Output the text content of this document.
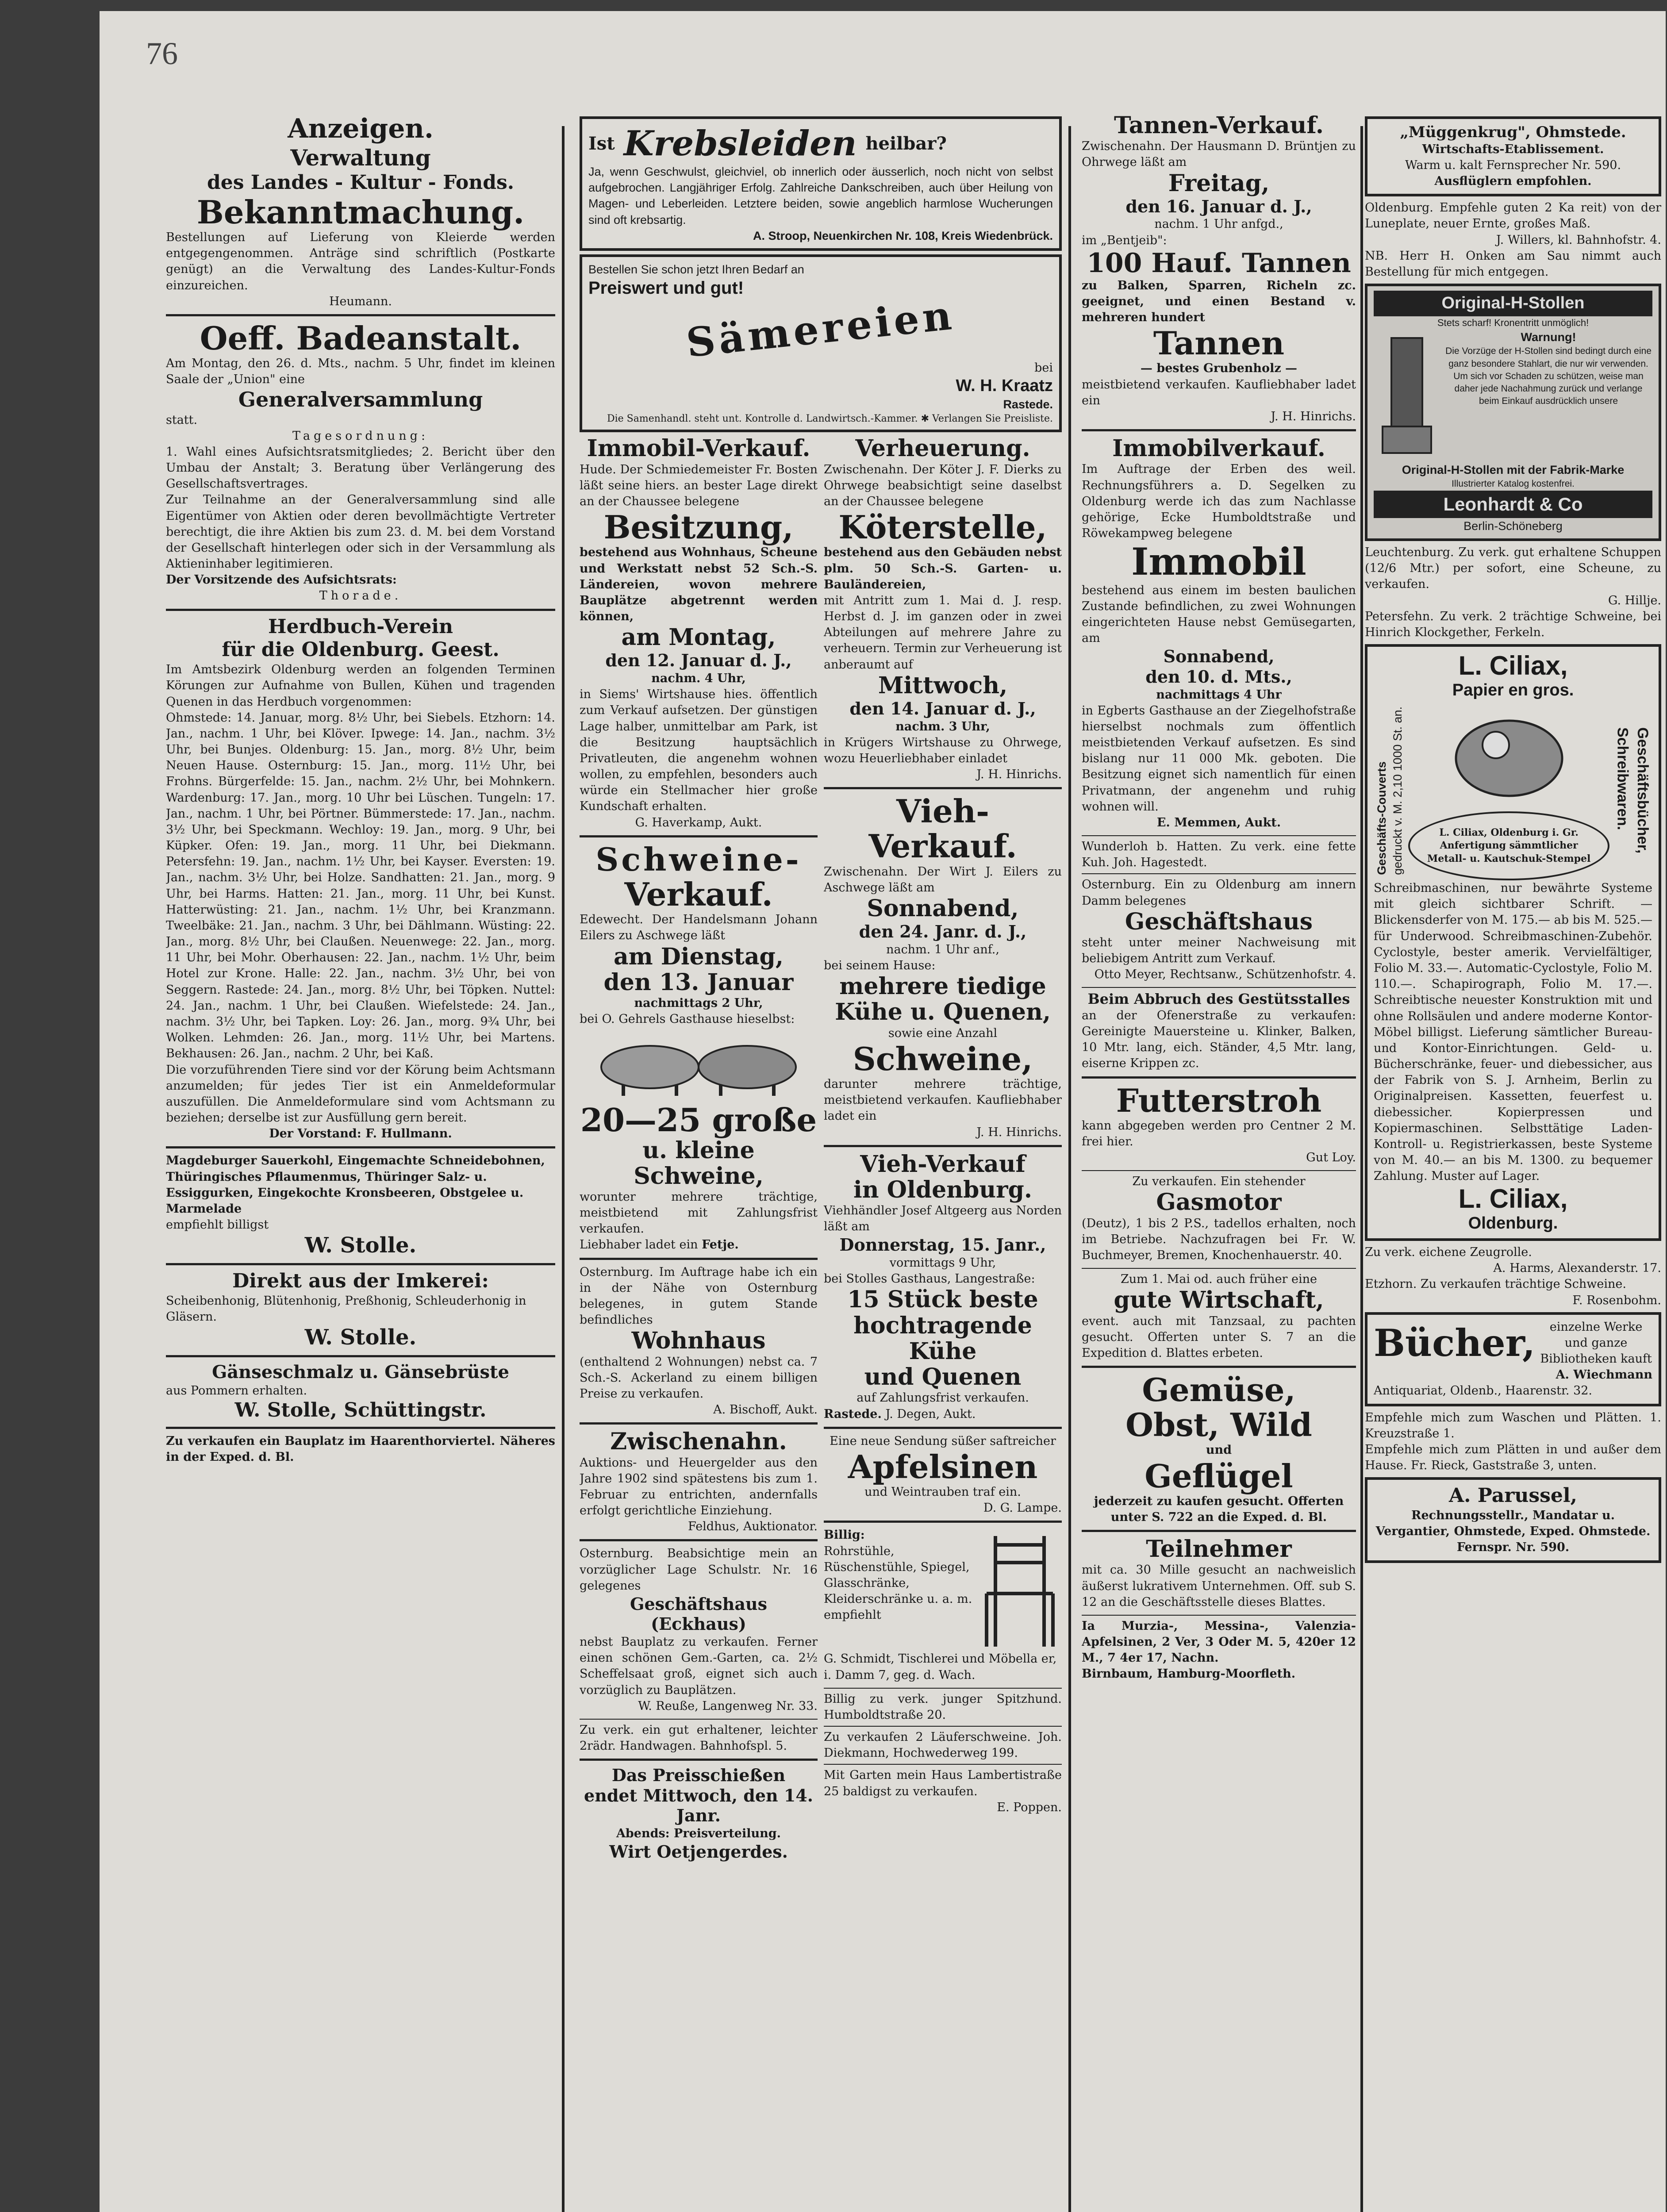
76

Anzeigen.

Verwaltung

des Landes - Kultur - Fonds.

Bekanntmachung.

Bestellungen auf Lieferung von Kleierde werden entgegengenommen. Anträge sind schriftlich (Postkarte genügt) an die Verwaltung des Landes-Kultur-Fonds einzureichen.

Heumann.

Oeff. Badeanstalt.

Am Montag, den 26. d. Mts., nachm. 5 Uhr, findet im kleinen Saale der „Union" eine

Generalversammlung

statt.

Tagesordnung:

1. Wahl eines Aufsichtsratsmitgliedes; 2. Bericht über den Umbau der Anstalt; 3. Beratung über Verlängerung des Gesellschaftsvertrages.

Zur Teilnahme an der Generalversammlung sind alle Eigentümer von Aktien oder deren bevollmächtigte Vertreter berechtigt, die ihre Aktien bis zum 23. d. M. bei dem Vorstand der Gesellschaft hinterlegen oder sich in der Versammlung als Aktieninhaber legitimieren.

Der Vorsitzende des Aufsichtsrats:

Thorade.

Herdbuch-Verein

für die Oldenburg. Geest.

Im Amtsbezirk Oldenburg werden an folgenden Terminen Körungen zur Aufnahme von Bullen, Kühen und tragenden Quenen in das Herdbuch vorgenommen:

Ohmstede: 14. Januar, morg. 8½ Uhr, bei Siebels. Etzhorn: 14. Jan., nachm. 1 Uhr, bei Klöver. Ipwege: 14. Jan., nachm. 3½ Uhr, bei Bunjes. Oldenburg: 15. Jan., morg. 8½ Uhr, beim Neuen Hause. Osternburg: 15. Jan., morg. 11½ Uhr, bei Frohns. Bürgerfelde: 15. Jan., nachm. 2½ Uhr, bei Mohnkern. Wardenburg: 17. Jan., morg. 10 Uhr bei Lüschen. Tungeln: 17. Jan., nachm. 1 Uhr, bei Pörtner. Bümmerstede: 17. Jan., nachm. 3½ Uhr, bei Speckmann. Wechloy: 19. Jan., morg. 9 Uhr, bei Küpker. Ofen: 19. Jan., morg. 11 Uhr, bei Diekmann. Petersfehn: 19. Jan., nachm. 1½ Uhr, bei Kayser. Eversten: 19. Jan., nachm. 3½ Uhr, bei Holze. Sandhatten: 21. Jan., morg. 9 Uhr, bei Harms. Hatten: 21. Jan., morg. 11 Uhr, bei Kunst. Hatterwüsting: 21. Jan., nachm. 1½ Uhr, bei Kranzmann. Tweelbäke: 21. Jan., nachm. 3 Uhr, bei Dählmann. Wüsting: 22. Jan., morg. 8½ Uhr, bei Claußen. Neuenwege: 22. Jan., morg. 11 Uhr, bei Mohr. Oberhausen: 22. Jan., nachm. 1½ Uhr, beim Hotel zur Krone. Halle: 22. Jan., nachm. 3½ Uhr, bei von Seggern. Rastede: 24. Jan., morg. 8½ Uhr, bei Töpken. Nuttel: 24. Jan., nachm. 1 Uhr, bei Claußen. Wiefelstede: 24. Jan., nachm. 3½ Uhr, bei Tapken. Loy: 26. Jan., morg. 9¾ Uhr, bei Wolken. Lehmden: 26. Jan., morg. 11½ Uhr, bei Martens. Bekhausen: 26. Jan., nachm. 2 Uhr, bei Kaß.

Die vorzuführenden Tiere sind vor der Körung beim Achtsmann anzumelden; für jedes Tier ist ein Anmeldeformular auszufüllen. Die Anmeldeformulare sind vom Achtsmann zu beziehen; derselbe ist zur Ausfüllung gern bereit.

Der Vorstand: F. Hullmann.

Magdeburger Sauerkohl, Eingemachte Schneidebohnen, Thüringisches Pflaumenmus, Thüringer Salz- u. Essiggurken, Eingekochte Kronsbeeren, Obstgelee u. Marmelade

empfiehlt billigst

W. Stolle.

Direkt aus der Imkerei:

Scheibenhonig, Blütenhonig, Preßhonig, Schleuderhonig in Gläsern.

W. Stolle.

Gänseschmalz u. Gänsebrüste

aus Pommern erhalten.

W. Stolle, Schüttingstr.

Zu verkaufen ein Bauplatz im Haarenthorviertel. Näheres in der Exped. d. Bl.

Ist Krebsleiden heilbar?

Ja, wenn Geschwulst, gleichviel, ob innerlich oder äusserlich, noch nicht von selbst aufgebrochen. Langjähriger Erfolg. Zahlreiche Dankschreiben, auch über Heilung von Magen- und Leberleiden. Letztere beiden, sowie angeblich harmlose Wucherungen sind oft krebsartig.

A. Stroop, Neuenkirchen Nr. 108, Kreis Wiedenbrück.

Bestellen Sie schon jetzt Ihren Bedarf an

Preiswert und gut!

Sämereien

bei

W. H. Kraatz

Rastede.

Die Samenhandl. steht unt. Kontrolle d. Landwirtsch.-Kammer. ✱ Verlangen Sie Preisliste.

Immobil-Verkauf.

Hude. Der Schmiedemeister Fr. Bosten läßt seine hiers. an bester Lage direkt an der Chaussee belegene

Besitzung,

bestehend aus Wohnhaus, Scheune und Werkstatt nebst 52 Sch.-S. Ländereien, wovon mehrere Bauplätze abgetrennt werden können,

am Montag,

den 12. Januar d. J.,

nachm. 4 Uhr,

in Siems' Wirtshause hies. öffentlich zum Verkauf aufsetzen. Der günstigen Lage halber, unmittelbar am Park, ist die Besitzung hauptsächlich Privatleuten, die angenehm wohnen wollen, zu empfehlen, besonders auch würde ein Stellmacher hier große Kundschaft erhalten.

G. Haverkamp, Aukt.

Schweine-

Verkauf.

Edewecht. Der Handelsmann Johann Eilers zu Aschwege läßt

am Dienstag,

den 13. Januar

nachmittags 2 Uhr,

bei O. Gehrels Gasthause hieselbst:

20—25 große

u. kleine Schweine,

worunter mehrere trächtige, meistbietend mit Zahlungsfrist verkaufen.

Liebhaber ladet ein Fetje.

Osternburg. Im Auftrage habe ich ein in der Nähe von Osternburg belegenes, in gutem Stande befindliches

Wohnhaus

(enthaltend 2 Wohnungen) nebst ca. 7 Sch.-S. Ackerland zu einem billigen Preise zu verkaufen.

A. Bischoff, Aukt.

Zwischenahn.

Auktions- und Heuergelder aus den Jahre 1902 sind spätestens bis zum 1. Februar zu entrichten, andernfalls erfolgt gerichtliche Einziehung.

Feldhus, Auktionator.

Osternburg. Beabsichtige mein an vorzüglicher Lage Schulstr. Nr. 16 gelegenes

Geschäftshaus (Eckhaus)

nebst Bauplatz zu verkaufen. Ferner einen schönen Gem.-Garten, ca. 2½ Scheffelsaat groß, eignet sich auch vorzüglich zu Bauplätzen.

W. Reuße, Langenweg Nr. 33.

Zu verk. ein gut erhaltener, leichter 2rädr. Handwagen. Bahnhofspl. 5.

Das Preisschießen

endet Mittwoch, den 14. Janr.

Abends: Preisverteilung.

Wirt Oetjengerdes.

Verheuerung.

Zwischenahn. Der Köter J. F. Dierks zu Ohrwege beabsichtigt seine daselbst an der Chaussee belegene

Köterstelle,

bestehend aus den Gebäuden nebst plm. 50 Sch.-S. Garten- u. Bauländereien,

mit Antritt zum 1. Mai d. J. resp. Herbst d. J. im ganzen oder in zwei Abteilungen auf mehrere Jahre zu verheuern. Termin zur Verheuerung ist anberaumt auf

Mittwoch,

den 14. Januar d. J.,

nachm. 3 Uhr,

in Krügers Wirtshause zu Ohrwege, wozu Heuerliebhaber einladet

J. H. Hinrichs.

Vieh-Verkauf.

Zwischenahn. Der Wirt J. Eilers zu Aschwege läßt am

Sonnabend,

den 24. Janr. d. J.,

nachm. 1 Uhr anf.,

bei seinem Hause:

mehrere tiedige

Kühe u. Quenen,

sowie eine Anzahl

Schweine,

darunter mehrere trächtige, meistbietend verkaufen. Kaufliebhaber ladet ein

J. H. Hinrichs.

Vieh-Verkauf

in Oldenburg.

Viehhändler Josef Altgeerg aus Norden läßt am

Donnerstag, 15. Janr.,

vormittags 9 Uhr,

bei Stolles Gasthaus, Langestraße:

15 Stück beste

hochtragende Kühe

und Quenen

auf Zahlungsfrist verkaufen.

Rastede. J. Degen, Aukt.

Eine neue Sendung süßer saftreicher

Apfelsinen

und Weintrauben traf ein.

D. G. Lampe.

Billig:

Rohrstühle, Rüschenstühle, Spiegel, Glasschränke, Kleiderschränke u. a. m. empfiehlt

G. Schmidt, Tischlerei und Möbella er,

i. Damm 7, geg. d. Wach.

Billig zu verk. junger Spitzhund. Humboldtstraße 20.

Zu verkaufen 2 Läuferschweine. Joh. Diekmann, Hochwederweg 199.

Mit Garten mein Haus Lambertistraße 25 baldigst zu verkaufen.

E. Poppen.

Tannen-Verkauf.

Zwischenahn. Der Hausmann D. Brüntjen zu Ohrwege läßt am

Freitag,

den 16. Januar d. J.,

nachm. 1 Uhr anfgd.,

im „Bentjeib":

100 Hauf. Tannen

zu Balken, Sparren, Richeln zc. geeignet, und einen Bestand v. mehreren hundert

Tannen

— bestes Grubenholz —

meistbietend verkaufen. Kaufliebhaber ladet ein

J. H. Hinrichs.

Immobilverkauf.

Im Auftrage der Erben des weil. Rechnungsführers a. D. Segelken zu Oldenburg werde ich das zum Nachlasse gehörige, Ecke Humboldtstraße und Röwekampweg belegene

Immobil

bestehend aus einem im besten baulichen Zustande befindlichen, zu zwei Wohnungen eingerichteten Hause nebst Gemüsegarten, am

Sonnabend,

den 10. d. Mts.,

nachmittags 4 Uhr

in Egberts Gasthause an der Ziegelhofstraße hierselbst nochmals zum öffentlich meistbietenden Verkauf aufsetzen. Es sind bislang nur 11 000 Mk. geboten. Die Besitzung eignet sich namentlich für einen Privatmann, der angenehm und ruhig wohnen will.

E. Memmen, Aukt.

Wunderloh b. Hatten. Zu verk. eine fette Kuh. Joh. Hagestedt.

Osternburg. Ein zu Oldenburg am innern Damm belegenes

Geschäftshaus

steht unter meiner Nachweisung mit beliebigem Antritt zum Verkauf.

Otto Meyer, Rechtsanw., Schützenhofstr. 4.

Beim Abbruch des Gestütsstalles

an der Ofenerstraße zu verkaufen: Gereinigte Mauersteine u. Klinker, Balken, 10 Mtr. lang, eich. Ständer, 4,5 Mtr. lang, eiserne Krippen zc.

Futterstroh

kann abgegeben werden pro Centner 2 M. frei hier.

Gut Loy.

Zu verkaufen. Ein stehender

Gasmotor

(Deutz), 1 bis 2 P.S., tadellos erhalten, noch im Betriebe. Nachzufragen bei Fr. W. Buchmeyer, Bremen, Knochenhauerstr. 40.

Zum 1. Mai od. auch früher eine

gute Wirtschaft,

event. auch mit Tanzsaal, zu pachten gesucht. Offerten unter S. 7 an die Expedition d. Blattes erbeten.

Gemüse,

Obst, Wild

und

Geflügel

jederzeit zu kaufen gesucht. Offerten unter S. 722 an die Exped. d. Bl.

Teilnehmer

mit ca. 30 Mille gesucht an nachweislich äußerst lukrativem Unternehmen. Off. sub S. 12 an die Geschäftsstelle dieses Blattes.

Ia Murzia-, Messina-, Valenzia-Apfelsinen, 2 Ver, 3 Oder M. 5, 420er 12 M., 7 4er 17, Nachn.

Birnbaum, Hamburg-Moorfleth.

„Müggenkrug", Ohmstede.

Wirtschafts-Etablissement.

Warm u. kalt Fernsprecher Nr. 590.

Ausflüglern empfohlen.

Oldenburg. Empfehle guten 2 Ka reit) von der Luneplate, neuer Ernte, großes Maß.

J. Willers, kl. Bahnhofstr. 4.

NB. Herr H. Onken am Sau nimmt auch Bestellung für mich entgegen.

Original-H-Stollen

Stets scharf! Kronentritt unmöglich!

Warnung!

Die Vorzüge der H-Stollen sind bedingt durch eine ganz besondere Stahlart, die nur wir verwenden. Um sich vor Schaden zu schützen, weise man daher jede Nachahmung zurück und verlange beim Einkauf ausdrücklich unsere

Original-H-Stollen mit der Fabrik-Marke

Illustrierter Katalog kostenfrei.

Leonhardt & Co

Berlin-Schöneberg

Leuchtenburg. Zu verk. gut erhaltene Schuppen (12/6 Mtr.) per sofort, eine Scheune, zu verkaufen.

G. Hillje.

Petersfehn. Zu verk. 2 trächtige Schweine, bei Hinrich Klockgether, Ferkeln.

L. Ciliax,

Papier en gros.

Geschäfts-Couverts gedruckt v. M. 2,10 1000 St. an.	L. Ciliax, Oldenburg i. Gr. Anfertigung sämmtlicher Metall- u. Kautschuk-Stempel
Geschäftsbücher,
Schreibwaren.

Schreibmaschinen, nur bewährte Systeme mit gleich sichtbarer Schrift. — Blickensderfer von M. 175.— ab bis M. 525.— für Underwood. Schreibmaschinen-Zubehör. Cyclostyle, bester amerik. Vervielfältiger, Folio M. 33.—. Automatic-Cyclostyle, Folio M. 110.—. Schapirograph, Folio M. 17.—. Schreibtische neuester Konstruktion mit und ohne Rollsäulen und andere moderne Kontor-Möbel billigst. Lieferung sämtlicher Bureau- und Kontor-Einrichtungen. Geld- u. Bücherschränke, feuer- und diebessicher, aus der Fabrik von S. J. Arnheim, Berlin zu Originalpreisen. Kassetten, feuerfest u. diebessicher. Kopierpressen und Kopiermaschinen. Selbsttätige Laden-Kontroll- u. Registrierkassen, beste Systeme von M. 40.— an bis M. 1300. zu bequemer Zahlung. Muster auf Lager.

L. Ciliax,

Oldenburg.

Zu verk. eichene Zeugrolle.

A. Harms, Alexanderstr. 17.

Etzhorn. Zu verkaufen trächtige Schweine.

F. Rosenbohm.

Bücher,	einzelne Werke und ganze Bibliotheken kauft

A. Wiechmann

Antiquariat, Oldenb., Haarenstr. 32.

Empfehle mich zum Waschen und Plätten. 1. Kreuzstraße 1.

Empfehle mich zum Plätten in und außer dem Hause. Fr. Rieck, Gaststraße 3, unten.

A. Parussel,

Rechnungsstellr., Mandatar u. Vergantier, Ohmstede, Exped. Ohmstede. Fernspr. Nr. 590.
